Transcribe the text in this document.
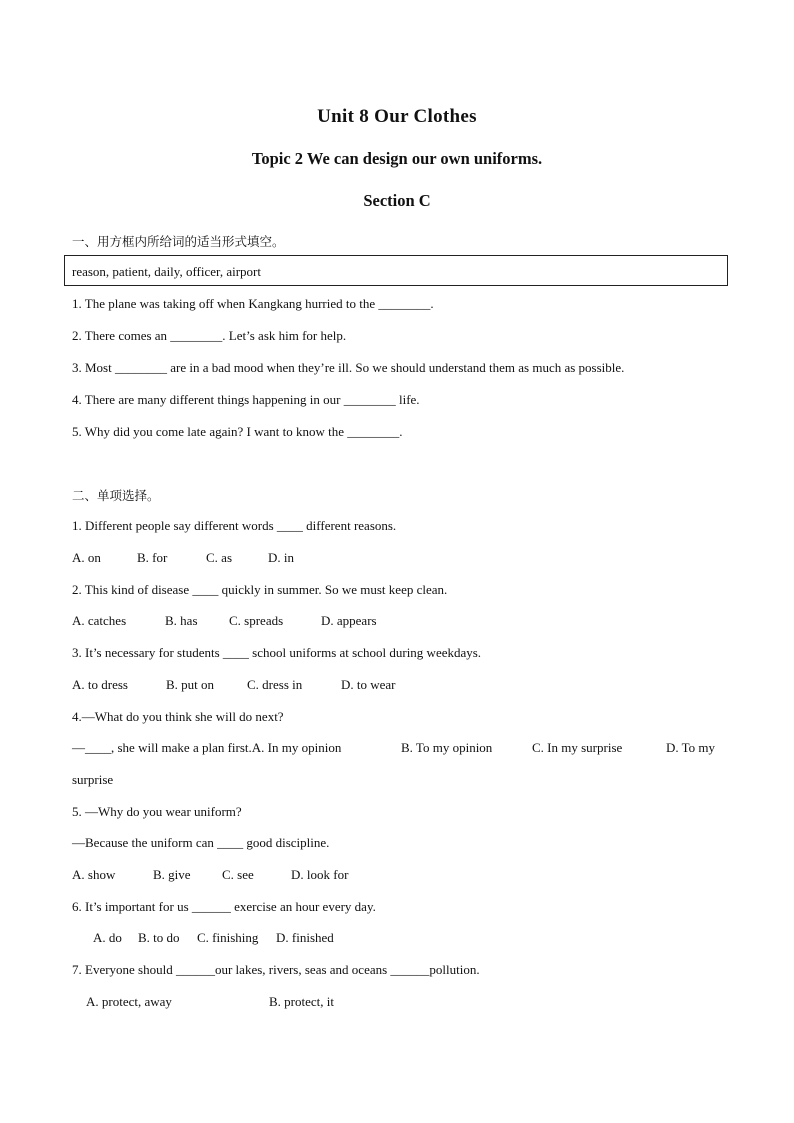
Unit 8 Our Clothes
Topic 2 We can design our own uniforms.
Section C
一、用方框内所给词的适当形式填空。
reason, patient, daily, officer, airport
1. The plane was taking off when Kangkang hurried to the ________.
2. There comes an ________. Let’s ask him for help.
3. Most ________ are in a bad mood when they’re ill. So we should understand them as much as possible.
4. There are many different things happening in our ________ life.
5. Why did you come late again? I want to know the ________.
二、单项选择。
1. Different people say different words ____ different reasons.
A. on	B. for	C. as	D. in
2. This kind of disease ____ quickly in summer. So we must keep clean.
A. catches	B. has C. spreads	D. appears
3. It’s necessary for students ____ school uniforms at school during weekdays.
A. to dress	B. put on	C. dress in	D. to wear
4.—What do you think she will do next?
—____, she will make a plan first.A. In my opinion	B. To my opinion	C. In my surprise	D. To my
surprise
5. —Why do you wear uniform?
—Because the uniform can ____ good discipline.
A. show	B. give C. see	D. look for
6. It’s important for us ______ exercise an hour every day.
A. do B. to do C. finishing D. finished
7. Everyone should ______our lakes, rivers, seas and oceans ______pollution.
A. protect, away	B. protect, it
